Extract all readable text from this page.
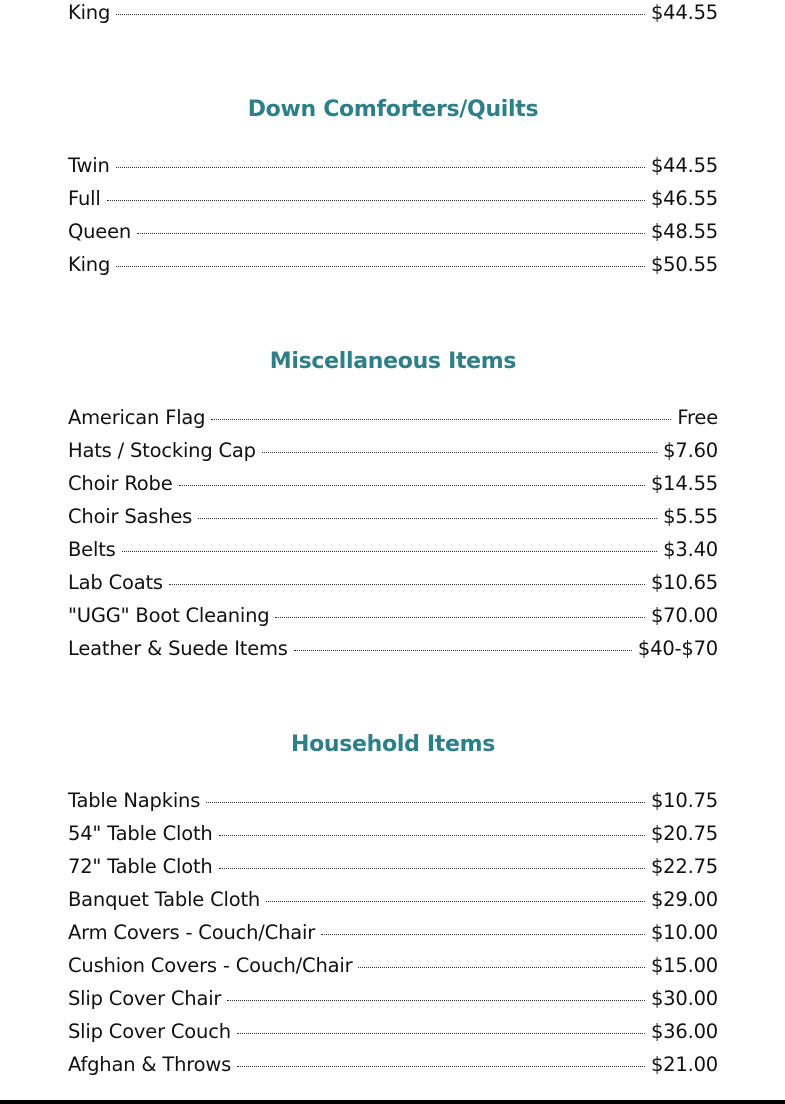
King	$44.55
Down Comforters/Quilts
Twin	$44.55
Full	$46.55
Queen	$48.55
King	$50.55
Miscellaneous Items
American Flag	Free
Hats / Stocking Cap	$7.60
Choir Robe	$14.55
Choir Sashes	$5.55
Belts	$3.40
Lab Coats	$10.65
"UGG" Boot Cleaning	$70.00
Leather & Suede Items	$40-$70
Household Items
Table Napkins	$10.75
54" Table Cloth	$20.75
72" Table Cloth	$22.75
Banquet Table Cloth	$29.00
Arm Covers - Couch/Chair	$10.00
Cushion Covers - Couch/Chair	$15.00
Slip Cover Chair	$30.00
Slip Cover Couch	$36.00
Afghan & Throws	$21.00
